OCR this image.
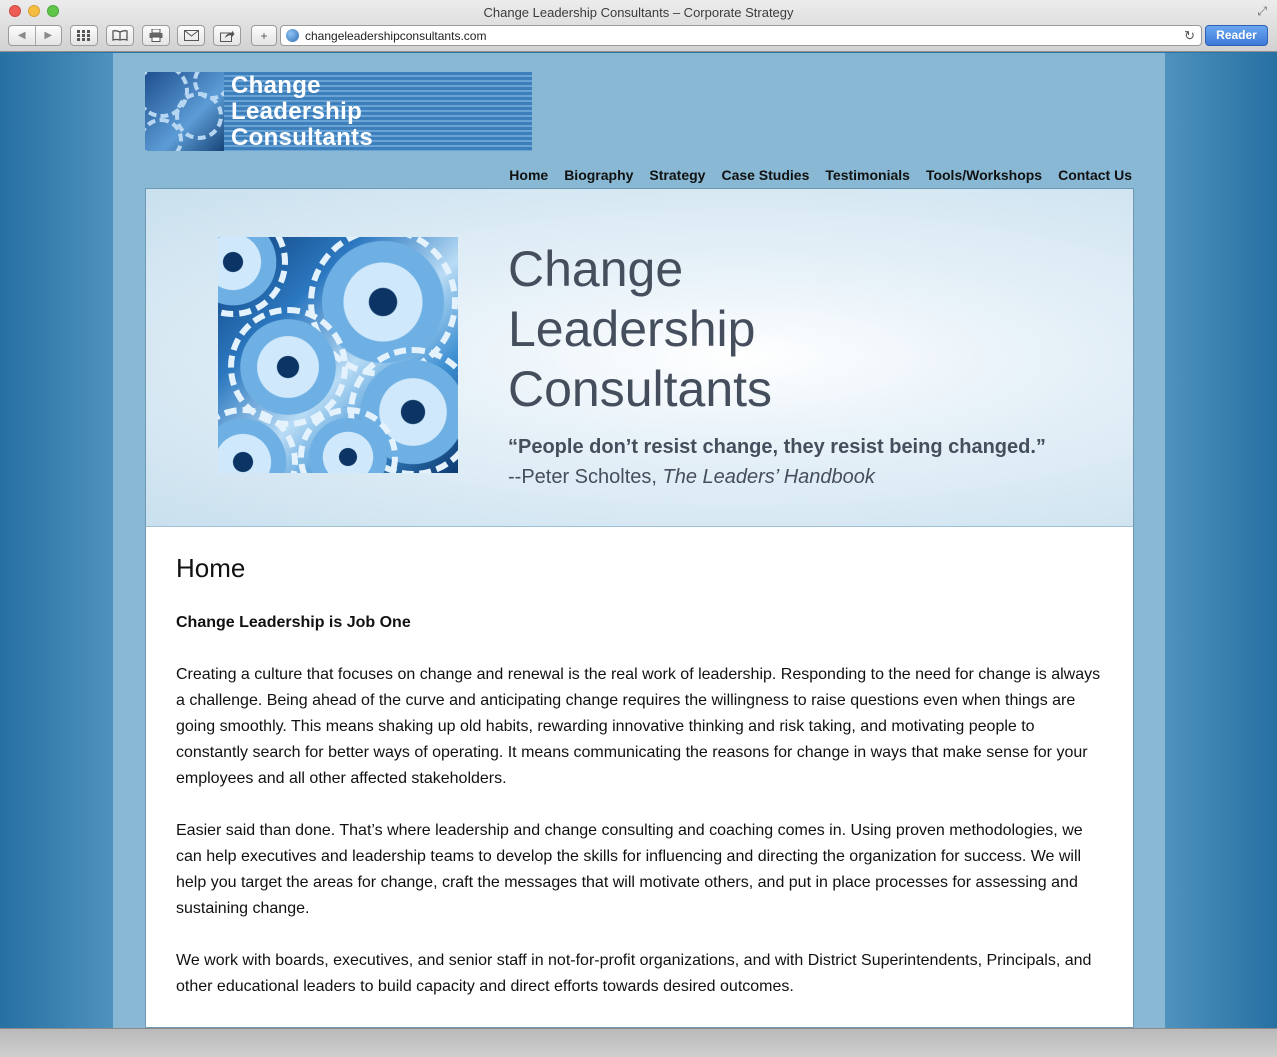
Change Leadership Consultants – Corporate Strategy	⤢
◀	▶	+	changeleadershipconsultants.com	↻	Reader
Change
Leadership
Consultants
Home Biography Strategy Case Studies Testimonials Tools/Workshops Contact Us
Change
Leadership
Consultants
“People don’t resist change, they resist being changed.”
--Peter Scholtes, The Leaders’ Handbook
Home
Change Leadership is Job One

Creating a culture that focuses on change and renewal is the real work of leadership. Responding to the need for change is always a challenge. Being ahead of the curve and anticipating change requires the willingness to raise questions even when things are going smoothly. This means shaking up old habits, rewarding innovative thinking and risk taking, and motivating people to constantly search for better ways of operating. It means communicating the reasons for change in ways that make sense for your employees and all other affected stakeholders.

Easier said than done. That’s where leadership and change consulting and coaching comes in. Using proven methodologies, we can help executives and leadership teams to develop the skills for influencing and directing the organization for success. We will help you target the areas for change, craft the messages that will motivate others, and put in place processes for assessing and sustaining change.

We work with boards, executives, and senior staff in not-for-profit organizations, and with District Superintendents, Principals, and other educational leaders to build capacity and direct efforts towards desired outcomes.
